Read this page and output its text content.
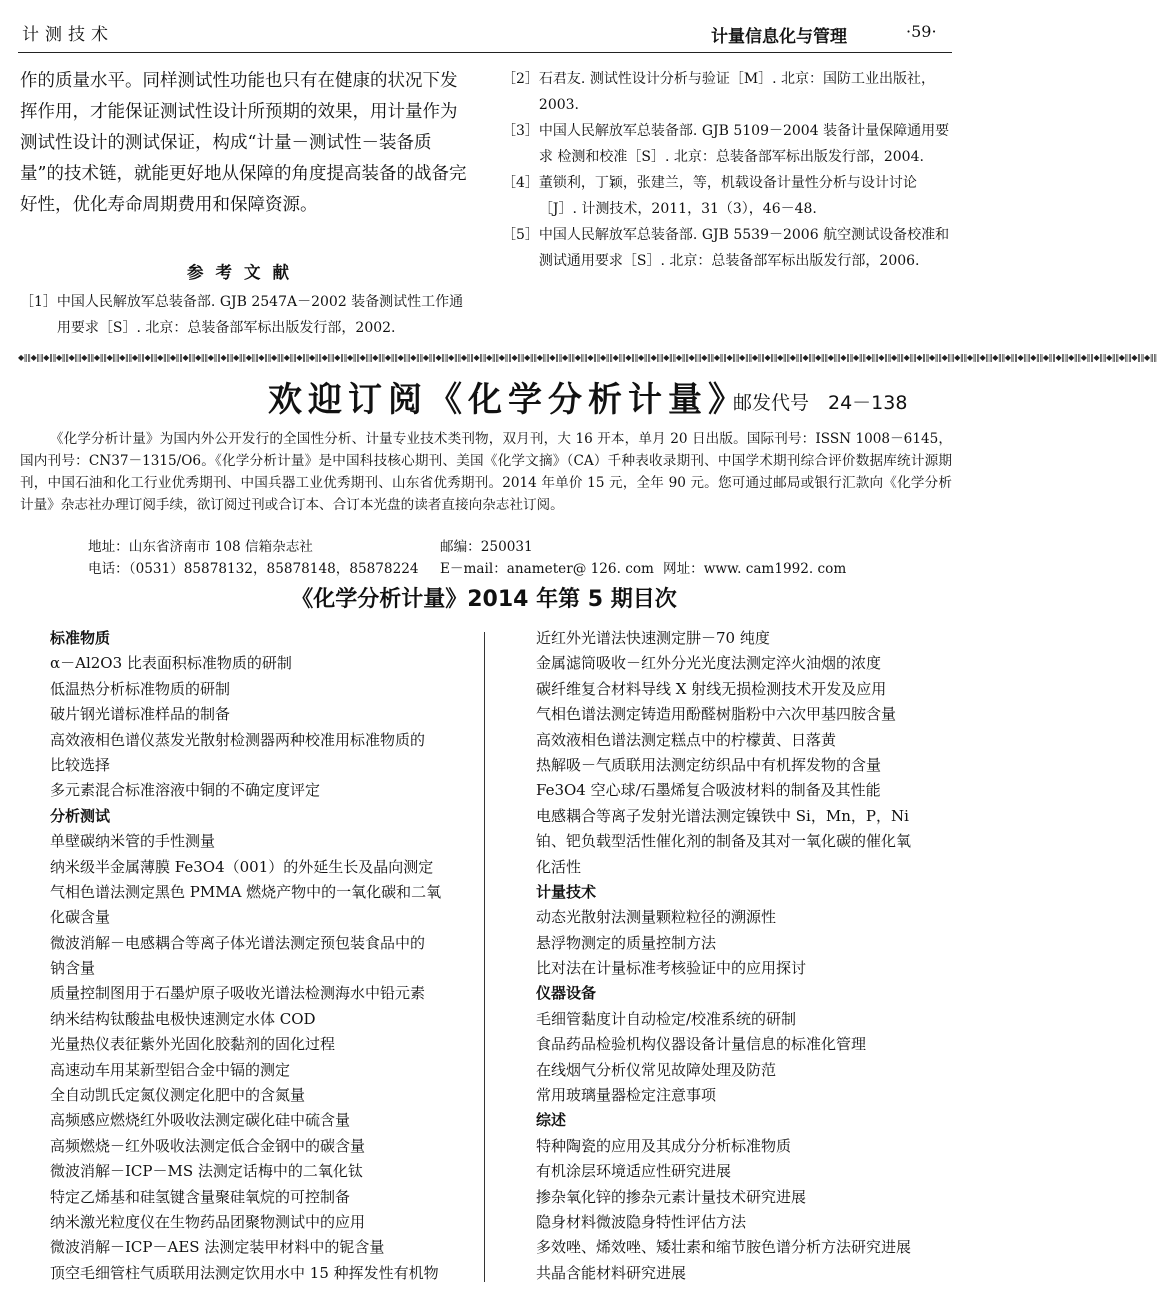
计测技术	计量信息化与管理	·59·

作的质量水平。同样测试性功能也只有在健康的状况下发挥作用，才能保证测试性设计所预期的效果，用计量作为测试性设计的测试保证，构成“计量－测试性－装备质量”的技术链，就能更好地从保障的角度提高装备的战备完好性，优化寿命周期费用和保障资源。

参考文献
［1］ 中国人民解放军总装备部. GJB 2547A－2002 装备测试性工作通用要求［S］. 北京：总装备部军标出版发行部，2002.
［2］ 石君友. 测试性设计分析与验证［M］. 北京：国防工业出版社，2003.
［3］ 中国人民解放军总装备部. GJB 5109－2004 装备计量保障通用要求 检测和校准［S］. 北京：总装备部军标出版发行部，2004.
［4］ 董锁利，丁颖，张建兰，等，机载设备计量性分析与设计讨论［J］. 计测技术，2011，31（3），46－48.
［5］ 中国人民解放军总装备部. GJB 5539－2006 航空测试设备校准和测试通用要求［S］. 北京：总装备部军标出版发行部，2006.
◆‖‖◆‖‖◆‖‖◆‖‖◆‖‖◆‖‖◆‖‖◆‖‖◆‖‖◆‖‖◆‖‖◆‖‖◆‖‖◆‖‖◆‖‖◆‖‖◆‖‖◆‖‖◆‖‖◆‖‖◆‖‖◆‖‖◆‖‖◆‖‖◆‖‖◆‖‖◆‖‖◆‖‖◆‖‖◆‖‖◆‖‖◆‖‖◆‖‖◆‖‖◆‖‖◆‖‖◆‖‖◆‖‖◆‖‖◆‖‖◆‖‖◆‖‖◆‖‖◆‖‖◆‖‖◆‖‖◆‖‖◆‖‖◆‖‖◆‖‖◆‖‖◆‖‖◆‖‖◆‖‖◆‖‖◆‖‖◆‖‖◆‖‖◆‖‖◆‖‖◆‖‖◆‖‖◆‖‖◆‖‖◆‖‖◆‖‖◆‖‖◆‖‖◆‖‖◆‖‖◆‖‖◆‖‖◆‖‖◆‖‖◆‖‖◆‖‖◆‖‖◆‖‖◆‖‖◆‖‖◆‖‖◆‖‖◆‖‖◆‖‖◆‖‖◆‖‖◆‖‖◆‖‖◆‖‖◆‖‖
欢迎订阅《化学分析计量》
邮发代号　24－138

《化学分析计量》为国内外公开发行的全国性分析、计量专业技术类刊物，双月刊，大 16 开本，单月 20 日出版。国际刊号：ISSN 1008－6145，国内刊号：CN37－1315/O6。《化学分析计量》是中国科技核心期刊、美国《化学文摘》（CA）千种表收录期刊、中国学术期刊综合评价数据库统计源期刊，中国石油和化工行业优秀期刊、中国兵器工业优秀期刊、山东省优秀期刊。2014 年单价 15 元，全年 90 元。您可通过邮局或银行汇款向《化学分析计量》杂志社办理订阅手续，欲订阅过刊或合订本、合订本光盘的读者直接向杂志社订阅。

地址：山东省济南市 108 信箱杂志社	邮编：250031
电话：（0531）85878132，85878148，85878224 E－mail：anameter@ 126. com 网址：www. cam1992. com
《化学分析计量》2014 年第 5 期目次
标准物质
α－Al2O3 比表面积标准物质的研制
低温热分析标准物质的研制
破片钢光谱标准样品的制备
高效液相色谱仪蒸发光散射检测器两种校准用标准物质的
比较选择
多元素混合标准溶液中铜的不确定度评定
分析测试
单壁碳纳米管的手性测量
纳米级半金属薄膜 Fe3O4（001）的外延生长及晶向测定
气相色谱法测定黑色 PMMA 燃烧产物中的一氧化碳和二氧
化碳含量
微波消解－电感耦合等离子体光谱法测定预包装食品中的
钠含量
质量控制图用于石墨炉原子吸收光谱法检测海水中铅元素
纳米结构钛酸盐电极快速测定水体 COD
光量热仪表征紫外光固化胶黏剂的固化过程
高速动车用某新型铝合金中镉的测定
全自动凯氏定氮仪测定化肥中的含氮量
高频感应燃烧红外吸收法测定碳化硅中硫含量
高频燃烧－红外吸收法测定低合金钢中的碳含量
微波消解－ICP－MS 法测定话梅中的二氧化钛
特定乙烯基和硅氢键含量聚硅氧烷的可控制备
纳米激光粒度仪在生物药品团聚物测试中的应用
微波消解－ICP－AES 法测定装甲材料中的铌含量
顶空毛细管柱气质联用法测定饮用水中 15 种挥发性有机物
近红外光谱法快速测定肼－70 纯度
金属滤筒吸收－红外分光光度法测定淬火油烟的浓度
碳纤维复合材料导线 X 射线无损检测技术开发及应用
气相色谱法测定铸造用酚醛树脂粉中六次甲基四胺含量
高效液相色谱法测定糕点中的柠檬黄、日落黄
热解吸－气质联用法测定纺织品中有机挥发物的含量
Fe3O4 空心球/石墨烯复合吸波材料的制备及其性能
电感耦合等离子发射光谱法测定镍铁中 Si，Mn，P，Ni
铂、钯负载型活性催化剂的制备及其对一氧化碳的催化氧
化活性
计量技术
动态光散射法测量颗粒粒径的溯源性
悬浮物测定的质量控制方法
比对法在计量标准考核验证中的应用探讨
仪器设备
毛细管黏度计自动检定/校准系统的研制
食品药品检验机构仪器设备计量信息的标准化管理
在线烟气分析仪常见故障处理及防范
常用玻璃量器检定注意事项
综述
特种陶瓷的应用及其成分分析标准物质
有机涂层环境适应性研究进展
掺杂氧化锌的掺杂元素计量技术研究进展
隐身材料微波隐身特性评估方法
多效唑、烯效唑、矮壮素和缩节胺色谱分析方法研究进展
共晶含能材料研究进展
